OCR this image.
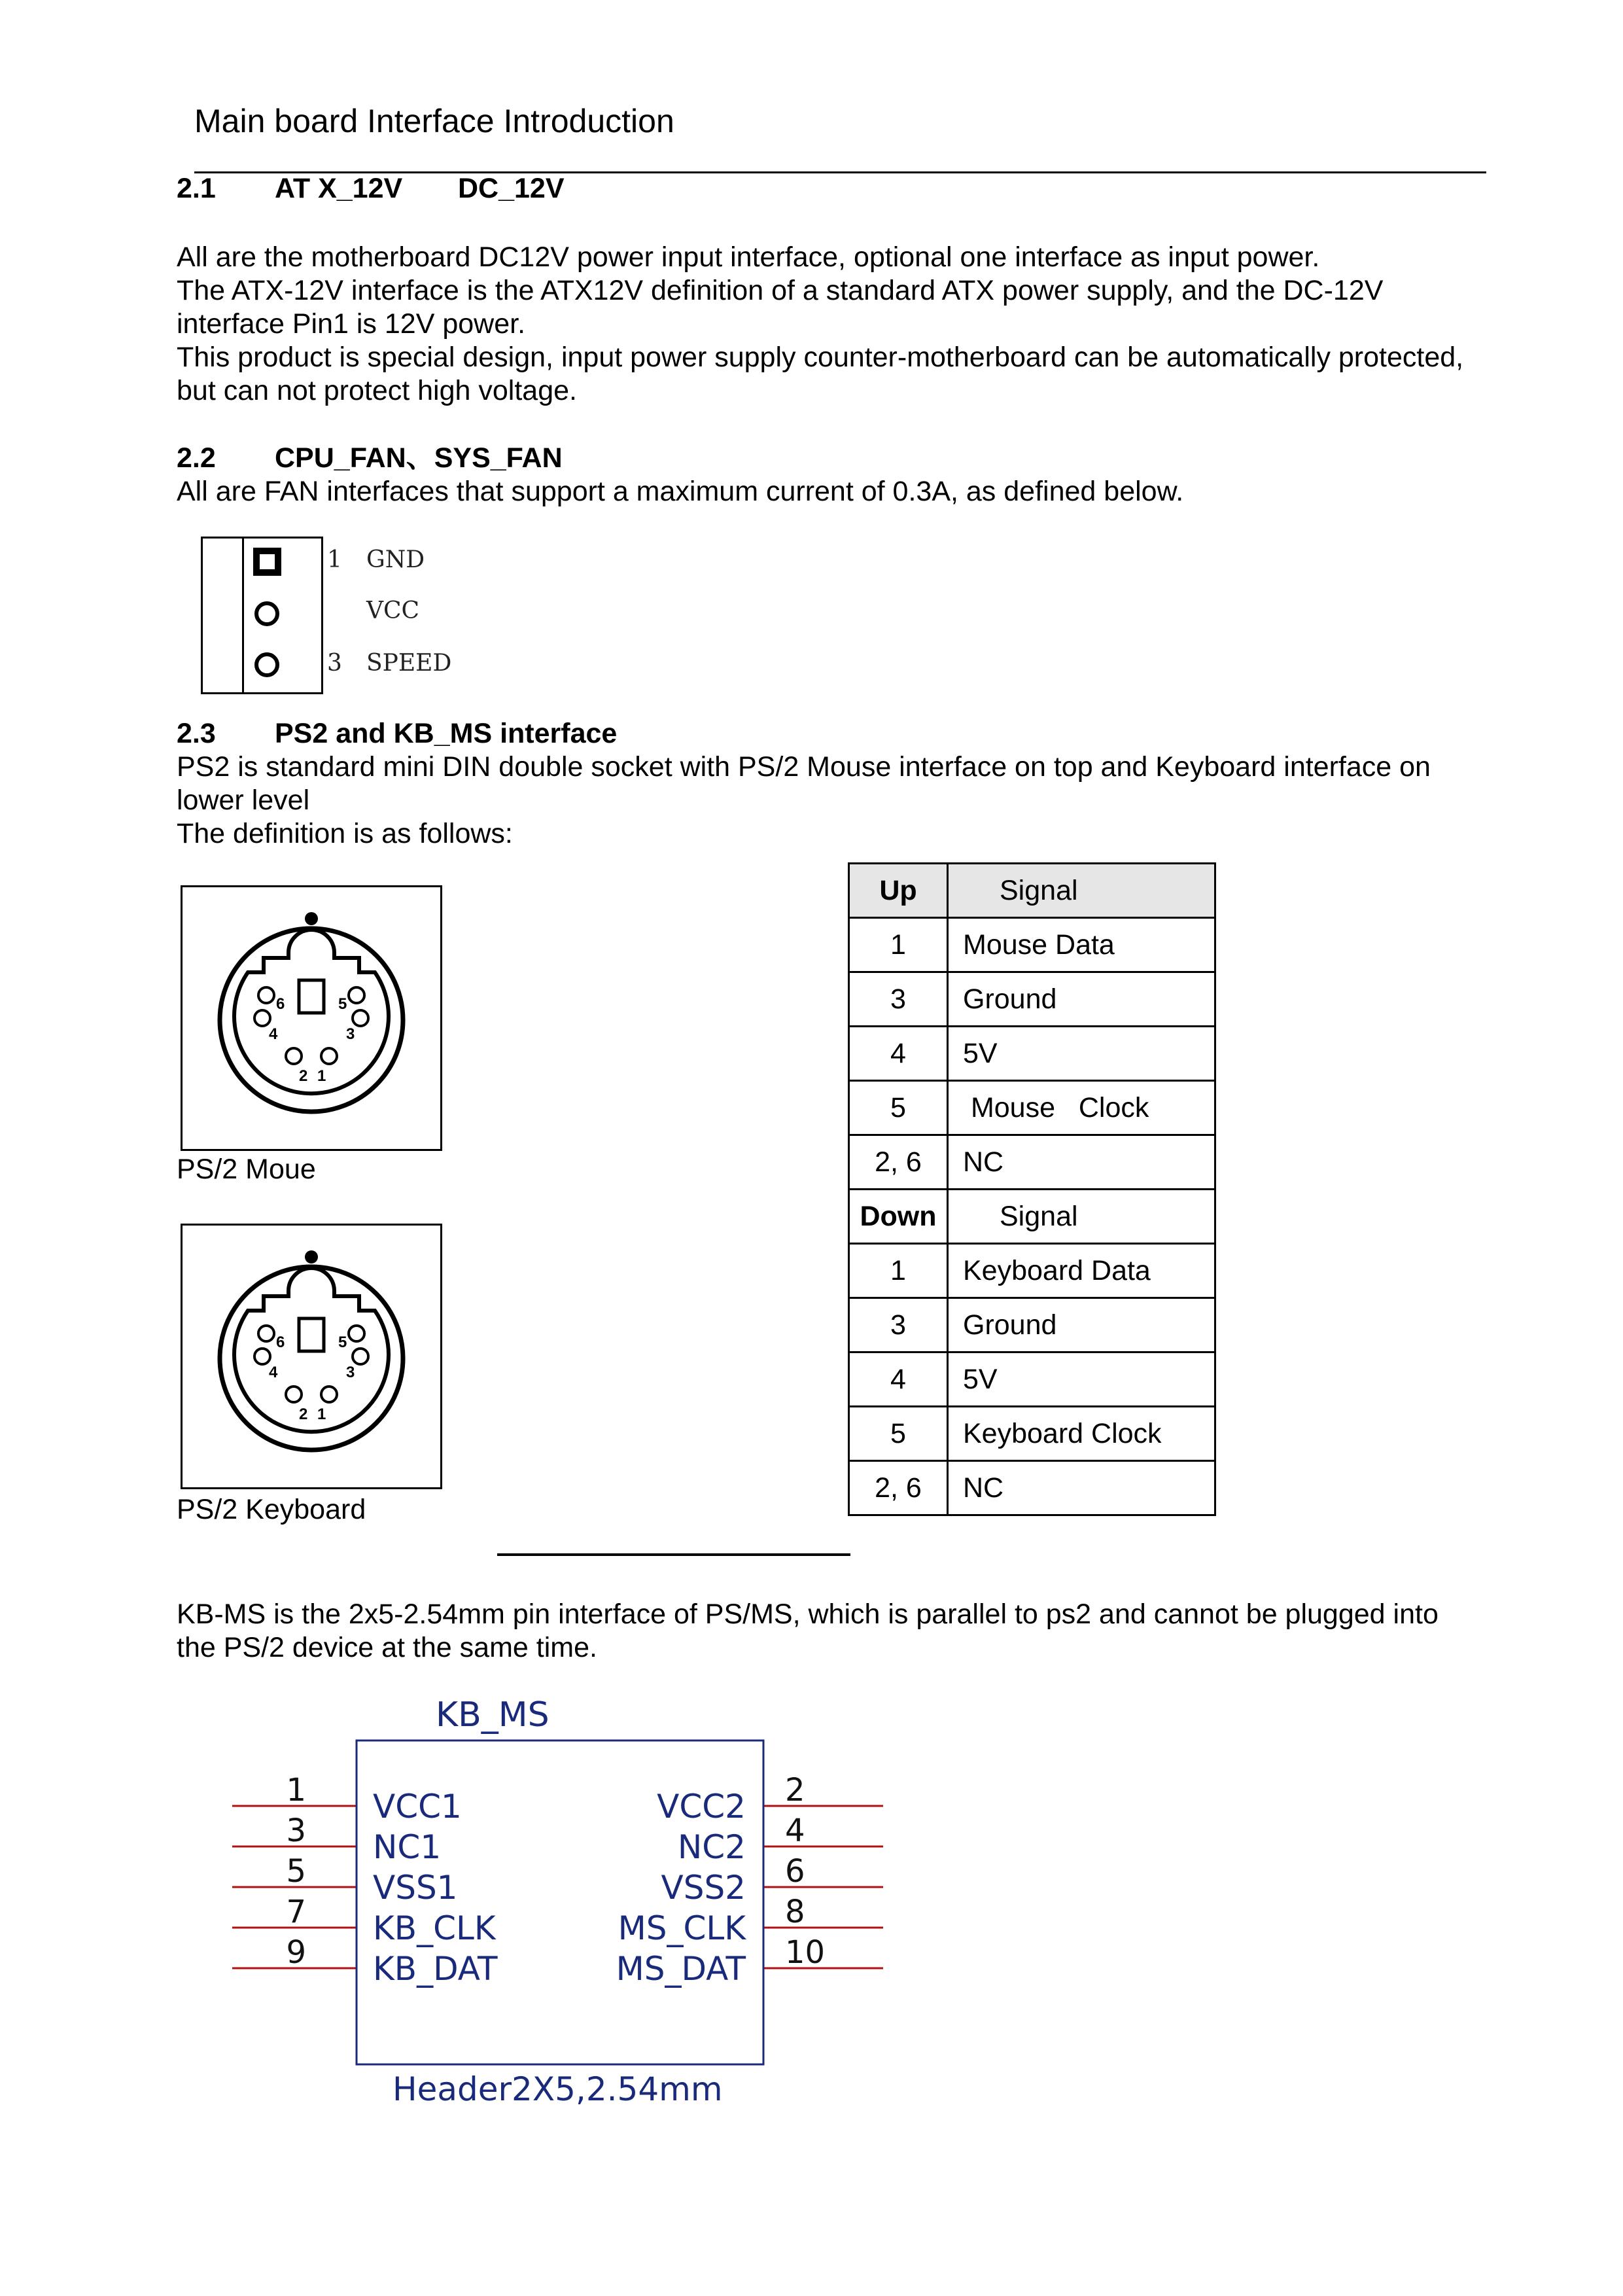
Main board Interface Introduction
2.1 AT X_12V DC_12V
All are the motherboard DC12V power input interface, optional one interface as input power.
The ATX-12V interface is the ATX12V definition of a standard ATX power supply, and the DC-12V
interface Pin1 is 12V power.
This product is special design, input power supply counter-motherboard can be automatically protected,
but can not protect high voltage.
2.2 CPU_FAN、SYS_FAN
All are FAN interfaces that support a maximum current of 0.3A, as defined below.
1 GND
VCC
3 SPEED
2.3 PS2 and KB_MS interface
PS2 is standard mini DIN double socket with PS/2 Mouse interface on top and Keyboard interface on
lower level
The definition is as follows:
6	5
4	3
2 1
PS/2 Moue
6	5
4	3
2 1
PS/2 Keyboard
Up	Signal
1	Mouse Data
3	Ground
4	5V
5	Mouse   Clock
2, 6	NC
Down	Signal
1	Keyboard Data
3	Ground
4	5V
5	Keyboard Clock
2, 6	NC
KB-MS is the 2x5-2.54mm pin interface of PS/MS, which is parallel to ps2 and cannot be plugged into
the PS/2 device at the same time.
KB_MS
Header2X5,2.54mm
1
3
5
7
9
VCC1
NC1
VSS1
KB_CLK
KB_DAT
VCC2
NC2
VSS2
MS_CLK
MS_DAT
2
4
6
8
10
